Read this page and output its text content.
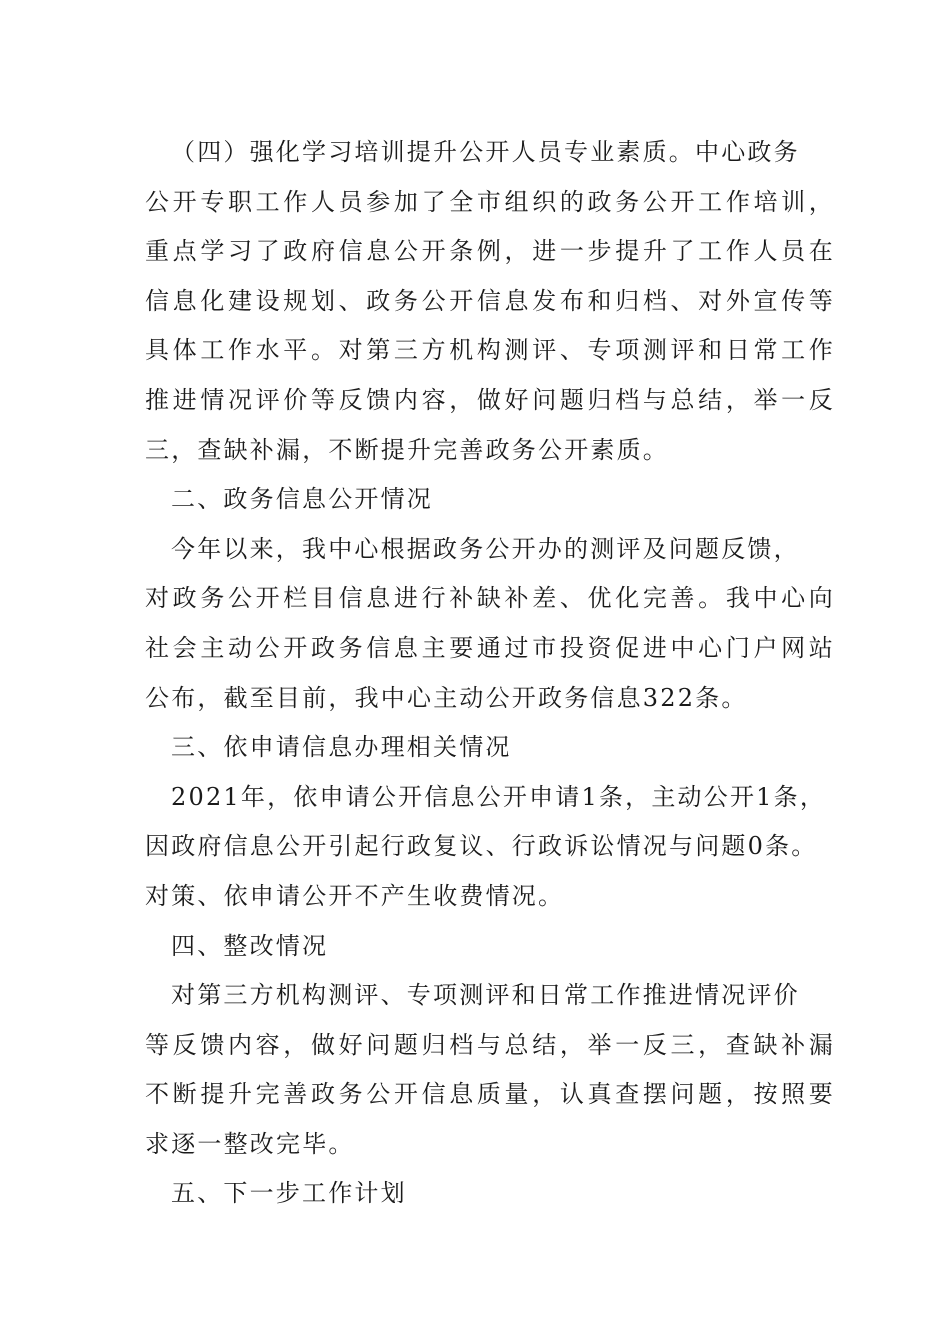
（四）强化学习培训提升公开人员专业素质。中心政务
公开专职工作人员参加了全市组织的政务公开工作培训，
重点学习了政府信息公开条例，进一步提升了工作人员在
信息化建设规划、政务公开信息发布和归档、对外宣传等
具体工作水平。对第三方机构测评、专项测评和日常工作
推进情况评价等反馈内容，做好问题归档与总结，举一反
三，查缺补漏，不断提升完善政务公开素质。
二、政务信息公开情况
今年以来，我中心根据政务公开办的测评及问题反馈，
对政务公开栏目信息进行补缺补差、优化完善。我中心向
社会主动公开政务信息主要通过市投资促进中心门户网站
公布，截至目前，我中心主动公开政务信息322条。
三、依申请信息办理相关情况
2021年，依申请公开信息公开申请1条，主动公开1条，
因政府信息公开引起行政复议、行政诉讼情况与问题0条。
对策、依申请公开不产生收费情况。
四、整改情况
对第三方机构测评、专项测评和日常工作推进情况评价
等反馈内容，做好问题归档与总结，举一反三，查缺补漏
不断提升完善政务公开信息质量，认真查摆问题，按照要
求逐一整改完毕。
五、下一步工作计划
